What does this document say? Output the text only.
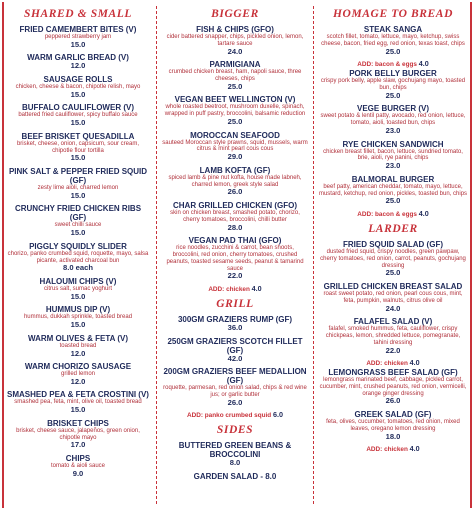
SHARED & SMALL
FRIED CAMEMBERT BITES (V)
peppered strawberry jam
15.0
WARM GARLIC BREAD (V)
12.0
SAUSAGE ROLLS
chicken, cheese & bacon, chipotle relish, mayo
15.0
BUFFALO CAULIFLOWER (V)
battered fried cauliflower, spicy buffalo sauce
15.0
BEEF BRISKET QUESADILLA
brisket, cheese, onion, capsicum, sour cream, chipotle flour tortilla
15.0
PINK SALT & PEPPER FRIED SQUID (GF)
zesty lime aioli, charred lemon
15.0
CRUNCHY FRIED CHICKEN RIBS (GF)
sweet chilli sauce
15.0
PIGGLY SQUIDLY SLIDER
chorizo, panko crumbed squid, roquette, mayo, salsa picante, activated charcoal bun
8.0 each
HALOUMI CHIPS (V)
citrus salt, sumac yoghurt
15.0
HUMMUS DIP (V)
hummus, dukkah sprinkle, toasted bread
15.0
WARM OLIVES & FETA (V)
toasted bread
12.0
WARM CHORIZO SAUSAGE
grilled lemon
12.0
SMASHED PEA & FETA CROSTINI (V)
smashed pea, feta, mint, olive oil, toasted bread
15.0
BRISKET CHIPS
brisket, cheese sauce, jalapeños, green onion, chipotle mayo
17.0
CHIPS
tomato & aioli sauce
9.0
BIGGER
FISH & CHIPS (GFO)
cider battered snapper, chips, pickled onion, lemon, tartare sauce
24.0
PARMIGIANA
crumbed chicken breast, ham, napoli sauce, three cheeses, chips
25.0
VEGAN BEET WELLINGTON (V)
whole roasted beetroot, mushroom duxelle, spinach, wrapped in puff pastry, broccolini, balsamic reduction
25.0
MOROCCAN SEAFOOD
sauteed Moroccan style prawns, squid, mussels, warm citrus & mint pearl cous cous
29.0
LAMB KOFTA (GF)
spiced lamb & pine nut kofta, house made labneh, charred lemon, greek style salad
26.0
CHAR GRILLED CHICKEN (GFO)
skin on chicken breast, smashed potato, chorizo, cherry tomatoes, broccolini, chilli butter
28.0
VEGAN PAD THAI (GFO)
rice noodles, zucchini & carrot, bean shoots, broccolini, red onion, cherry tomatoes, crushed peanuts, toasted sesame seeds, peanut & tamarind sauce
22.0
ADD: chicken 4.0
GRILL
300GM GRAZIERS RUMP (GF)
36.0
250GM GRAZIERS SCOTCH FILLET (GF)
42.0
200GM GRAZIERS BEEF MEDALLION (GF)
roquette, parmesan, red onion salad, chips & red wine jus; or garlic butter
26.0
ADD: panko crumbed squid 6.0
SIDES
BUTTERED GREEN BEANS & BROCCOLINI
8.0
GARDEN SALAD - 8.0
HOMAGE TO BREAD
STEAK SANGA
scotch fillet, tomato, lettuce, mayo, ketchup, swiss cheese, bacon, fried egg, red onion, texas toast, chips
25.0
ADD: bacon & eggs 4.0
PORK BELLY BURGER
crispy pork belly, apple slaw, gochujang mayo, toasted bun, chips
25.0
VEGE BURGER (V)
sweet potato & lentil patty, avocado, red onion, lettuce, tomato, aioli, toasted bun, chips
23.0
RYE CHICKEN SANDWICH
chicken breast fillet, bacon, lettuce, sundried tomato, brie, aioli, rye panini, chips
23.0
BALMORAL BURGER
beef patty, american cheddar, tomato, mayo, lettuce, mustard, ketchup, red onion, pickles, toasted bun, chips
25.0
ADD: bacon & eggs 4.0
LARDER
FRIED SQUID SALAD (GF)
dusted fried squid, crispy noodles, green pawpaw, cherry tomatoes, red onion, carrot, peanuts, gochujang dressing
25.0
GRILLED CHICKEN BREAST SALAD
roast sweet potato, red onion, pearl cous cous, mint, feta, pumpkin, walnuts, citrus olive oil
24.0
FALAFEL SALAD (V)
falafel, smoked hummus, feta, cauliflower, crispy chickpeas, lemon, shredded lettuce, pomegranate, tahini dressing
22.0
ADD: chicken 4.0
LEMONGRASS BEEF SALAD (GF)
lemongrass marinated beef, cabbage, pickled carrot, cucumber, mint, crushed peanuts, red onion, vermicelli, orange ginger dressing
26.0
GREEK SALAD (GF)
feta, olives, cucumber, tomatoes, red onion, mixed leaves, oregano lemon dressing
18.0
ADD: chicken 4.0
